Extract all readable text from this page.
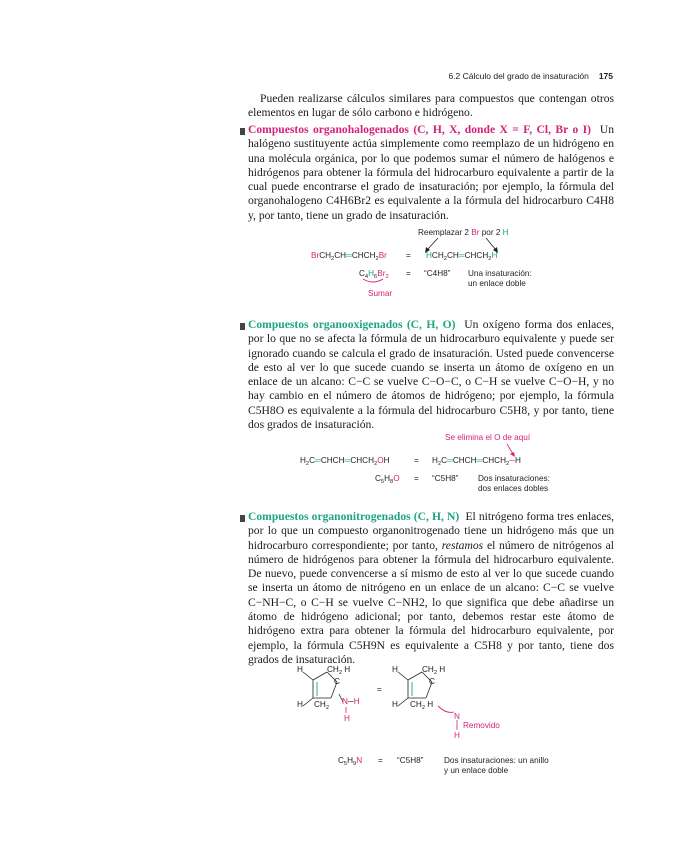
6.2 Cálculo del grado de insaturación 175
Pueden realizarse cálculos similares para compuestos que contengan otros elementos en lugar de sólo carbono e hidrógeno.
Compuestos organohalogenados (C, H, X, donde X = F, Cl, Br o I) Un halógeno sustituyente actúa simplemente como reemplazo de un hidrógeno en una molécula orgánica, por lo que podemos sumar el número de halógenos e hidrógenos para obtener la fórmula del hidrocarburo equivalente a partir de la cual puede encontrarse el grado de insaturación; por ejemplo, la fórmula del organohalogeno C4H6Br2 es equivalente a la fórmula del hidrocarburo C4H8 y, por tanto, tiene un grado de insaturación.
Reemplazar 2 Br por 2 H
$BrCH_2CH═CHCH_2Br$ = $HCH_2CH═CHCH_2H$
$C_4H_6Br_2$ = “C4H8” Una insaturación:
un enlace doble
Sumar
Compuestos organooxigenados (C, H, O) Un oxígeno forma dos enlaces, por lo que no se afecta la fórmula de un hidrocarburo equivalente y puede ser ignorado cuando se calcula el grado de insaturación. Usted puede convencerse de esto al ver lo que sucede cuando se inserta un átomo de oxígeno en un enlace de un alcano: C−C se vuelve C−O−C, o C−H se vuelve C−O−H, y no hay cambio en el número de átomos de hidrógeno; por ejemplo, la fórmula C5H8O es equivalente a la fórmula del hidrocarburo C5H8, y por tanto, tiene dos grados de insaturación.
Se elimina el O de aquí
$H_2C═CHCH═CHCH_2OH$	= $H_2C═CHCH═CHCH_2─H$
$C_5H_8O$ = “C5H8” Dos insaturaciones:
dos enlaces dobles
Compuestos organonitrogenados (C, H, N) El nitrógeno forma tres enlaces, por lo que un compuesto organonitrogenado tiene un hidrógeno más que un hidrocarburo correspondiente; por tanto, restamos el número de nitrógenos al número de hidrógenos para obtener la fórmula del hidrocarburo equivalente. De nuevo, puede convencerse a sí mismo de esto al ver lo que sucede cuando se inserta un átomo de nitrógeno en un enlace de un alcano: C−C se vuelve C−NH−C, o C−H se vuelve C−NH2, lo que significa que debe añadirse un átomo de hidrógeno adicional; por tanto, debemos restar este átomo de hidrógeno extra para obtener la fórmula del hidrocarburo equivalente, por ejemplo, la fórmula C5H9N es equivalente a C5H8 y por tanto, tiene dos grados de insaturación.
H	$CH_2$ H
C
H $CH_2$
N─H
H
=
H	$CH_2$ H
C
H $CH_2$ H
N
Removido
H
$C_5H_9N$ = “C5H8”	Dos insaturaciones: un anillo
y un enlace doble
